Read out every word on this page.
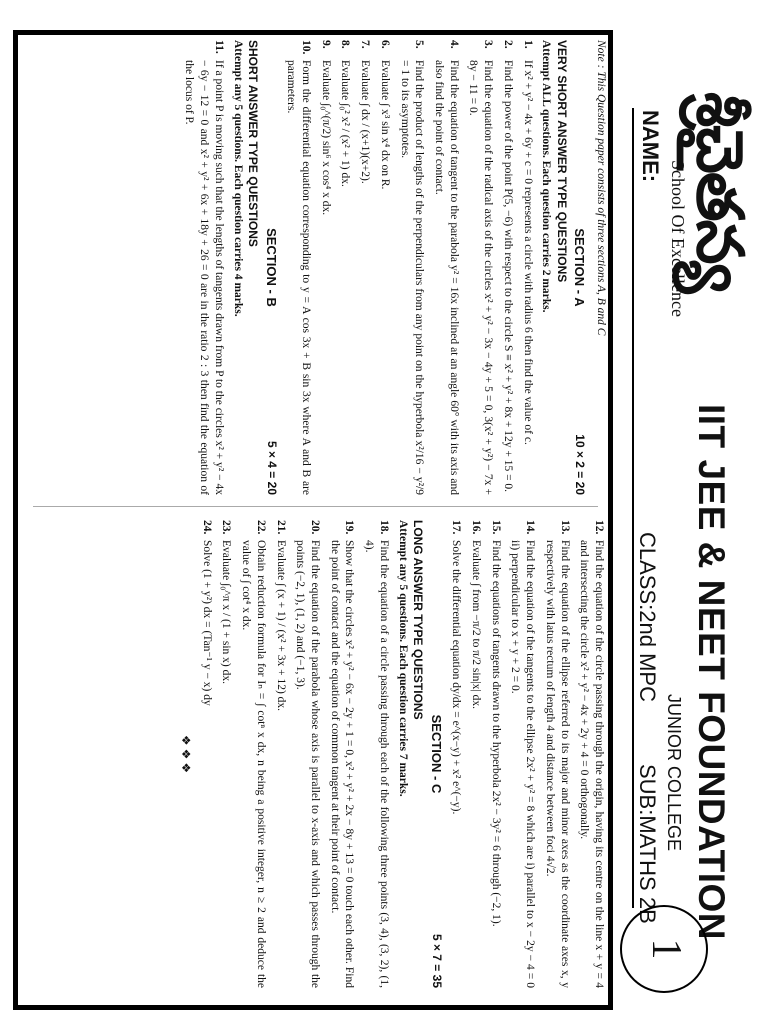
శ్రీచైతన్య
School Of Excellence
NAME:
IIT JEE & NEET FOUNDATION
JUNIOR COLLEGE
CLASS:2nd MPC
SUB:MATHS 2B
1
Note : This Question paper consists of three sections A, B and C
SECTION - A
10 × 2 = 20
VERY SHORT ANSWER TYPE QUESTIONS
Attempt ALL questions. Each question carries 2 marks.
1.
If x² + y² − 4x + 6y + c = 0 represents a circle with radius 6 then find the value of c.
2.
Find the power of the point P(5, −6) with respect to the circle S ≡ x² + y² + 8x + 12y + 15 = 0.
3.
Find the equation of the radical axis of the circles x² + y² − 3x − 4y + 5 = 0, 3(x² + y²) − 7x + 8y − 11 = 0.
4.
Find the equation of tangent to the parabola y² = 16x inclined at an angle 60° with its axis and also find the point of contact.
5.
Find the product of lengths of the perpendiculars from any point on the hyperbola x²/16 − y²/9 = 1 to its asymptotes.
6.
Evaluate ∫ x³ sin x⁴ dx on R.
7.
Evaluate ∫ dx / (x+1)(x+2).
8.
Evaluate ∫₀² x² / (x² + 1) dx.
9.
Evaluate ∫₀^(π/2) sin⁶ x cos⁴ x dx.
10.
Form the differential equation corresponding to y = A cos 3x + B sin 3x where A and B are parameters.
SECTION - B
5 × 4 = 20
SHORT ANSWER TYPE QUESTIONS
Attempt any 5 questions. Each question carries 4 marks.
11.
If a point P is moving such that the lengths of tangents drawn from P to the circles x² + y² − 4x − 6y − 12 = 0 and x² + y² + 6x + 18y + 26 = 0 are in the ratio 2 : 3 then find the equation of the locus of P.
12.
Find the equation of the circle passing through the origin, having its centre on the line x + y = 4 and intersecting the circle x² + y² − 4x + 2y + 4 = 0 orthogonally.
13.
Find the equation of the ellipse referred to its major and minor axes as the coordinate axes x, y respectively with latus rectum of length 4 and distance between foci 4√2.
14.
Find the equation of the tangents to the ellipse 2x² + y² = 8 which are i) parallel to x − 2y − 4 = 0 ii) perpendicular to x + y + 2 = 0.
15.
Find the equations of tangents drawn to the hyperbola 2x² − 3y² = 6 through (−2, 1).
16.
Evaluate ∫ from −π/2 to π/2 sin|x| dx.
17.
Solve the differential equation dy/dx = e^(x−y) + x² e^(−y).
SECTION - C
5 × 7 = 35
LONG ANSWER TYPE QUESTIONS
Attempt any 5 questions. Each question carries 7 marks.
18.
Find the equation of a circle passing through each of the following three points (3, 4), (3, 2), (1, 4).
19.
Show that the circles x² + y² − 6x − 2y + 1 = 0, x² + y² + 2x − 8y + 13 = 0 touch each other. Find the point of contact and the equation of common tangent at their point of contact.
20.
Find the equation of the parabola whose axis is parallel to x-axis and which passes through the points (−2, 1), (1, 2) and (−1, 3).
21.
Evaluate ∫ (x + 1) / (x² + 3x + 12) dx.
22.
Obtain reduction formula for Iₙ = ∫ cotⁿ x dx, n being a positive integer, n ≥ 2 and deduce the value of ∫ cot⁴ x dx.
23.
Evaluate ∫₀^π x / (1 + sin x) dx.
24.
Solve (1 + y²) dx = (Tan⁻¹ y − x) dy
❖ ❖ ❖
